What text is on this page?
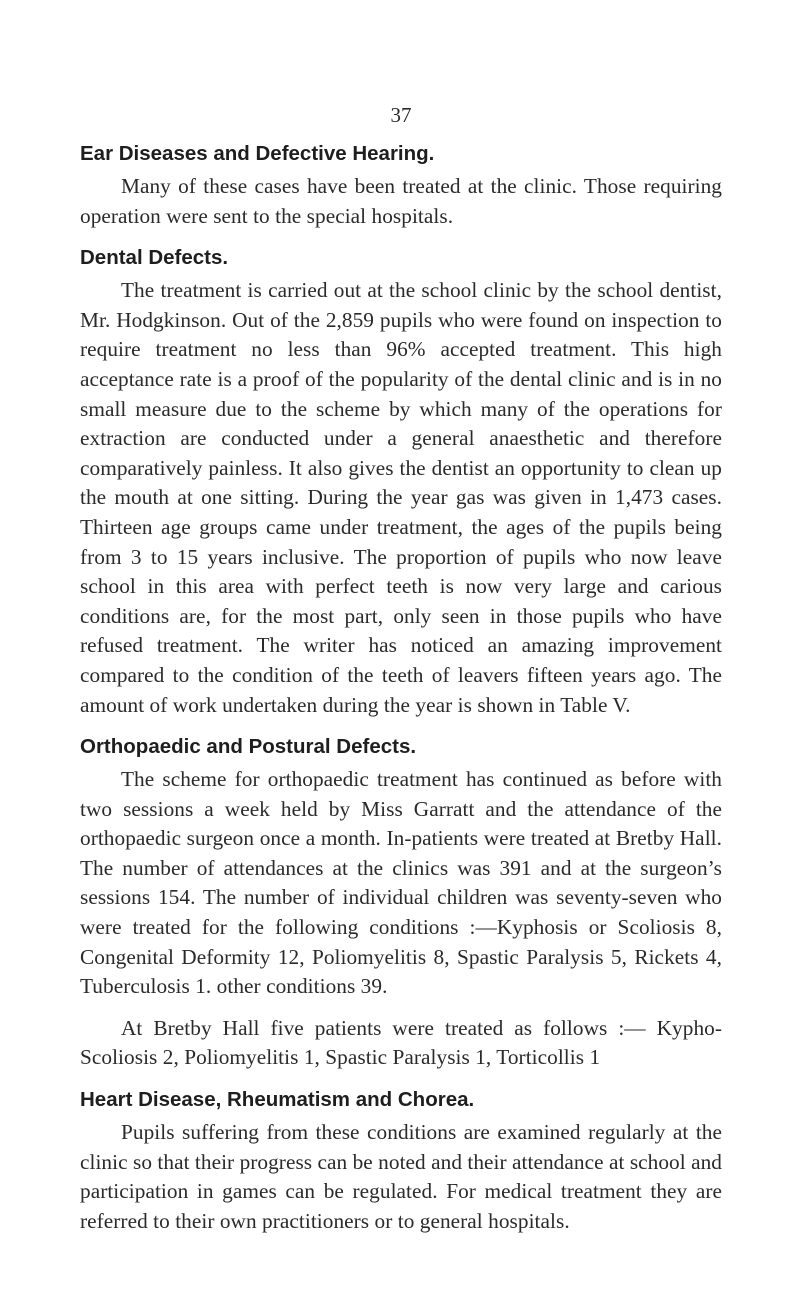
37
Ear Diseases and Defective Hearing.

Many of these cases have been treated at the clinic. Those requiring operation were sent to the special hospitals.

Dental Defects.

The treatment is carried out at the school clinic by the school dentist, Mr. Hodgkinson. Out of the 2,859 pupils who were found on inspection to require treatment no less than 96% accepted treatment. This high acceptance rate is a proof of the popularity of the dental clinic and is in no small measure due to the scheme by which many of the operations for extraction are conducted under a general anaesthetic and therefore comparatively painless. It also gives the dentist an opportunity to clean up the mouth at one sitting. During the year gas was given in 1,473 cases. Thirteen age groups came under treatment, the ages of the pupils being from 3 to 15 years inclusive. The proportion of pupils who now leave school in this area with perfect teeth is now very large and carious conditions are, for the most part, only seen in those pupils who have refused treatment. The writer has noticed an amazing improvement compared to the condition of the teeth of leavers fifteen years ago. The amount of work undertaken during the year is shown in Table V.

Orthopaedic and Postural Defects.

The scheme for orthopaedic treatment has continued as before with two sessions a week held by Miss Garratt and the attendance of the orthopaedic surgeon once a month. In-patients were treated at Bretby Hall. The number of attendances at the clinics was 391 and at the surgeon’s sessions 154. The number of individual children was seventy-seven who were treated for the following conditions :—Kyphosis or Scoliosis 8, Congenital Deformity 12, Poliomyelitis 8, Spastic Paralysis 5, Rickets 4, Tuberculosis 1. other conditions 39.

At Bretby Hall five patients were treated as follows :— Kypho-Scoliosis 2, Poliomyelitis 1, Spastic Paralysis 1, Torticollis 1

Heart Disease, Rheumatism and Chorea.

Pupils suffering from these conditions are examined regularly at the clinic so that their progress can be noted and their attendance at school and participation in games can be regulated. For medical treatment they are referred to their own practitioners or to general hospitals.
